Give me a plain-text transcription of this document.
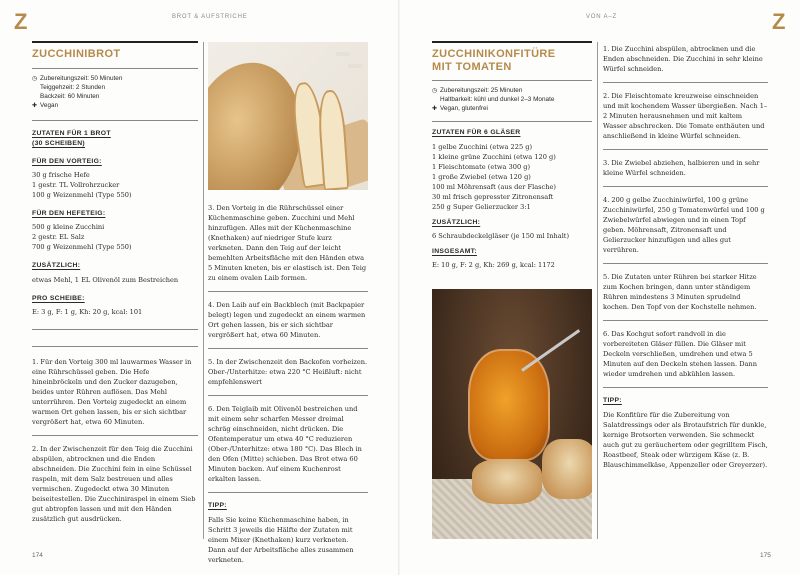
Z	BROT & AUFSTRICHE
ZUCCHINIBROT
◷ Zubereitungszeit: 50 Minuten
Teiggehzeit: 2 Stunden
Backzeit: 60 Minuten
✚ Vegan
ZUTATEN FÜR 1 BROT (30 SCHEIBEN)
FÜR DEN VORTEIG:

30 g frische Hefe

1 gestr. TL Vollrohrzucker

100 g Weizenmehl (Type 550)

FÜR DEN HEFETEIG:

500 g kleine Zucchini

2 gestr. EL Salz

700 g Weizenmehl (Type 550)

ZUSÄTZLICH:

etwas Mehl, 1 EL Olivenöl zum Bestreichen

PRO SCHEIBE:

E: 3 g, F: 1 g, Kh: 20 g, kcal: 101

1. Für den Vorteig 300 ml lauwarmes Wasser in eine Rührschüssel geben. Die Hefe hineinbröckeln und den Zucker dazugeben, beides unter Rühren auflösen. Das Mehl unterrühren. Den Vorteig zugedeckt an einem warmen Ort gehen lassen, bis er sich sichtbar vergrößert hat, etwa 60 Minuten.
2. In der Zwischenzeit für den Teig die Zucchini abspülen, abtrocknen und die Enden abschneiden. Die Zucchini fein in eine Schüssel raspeln, mit dem Salz bestreuen und alles vermischen. Zugedeckt etwa 30 Minuten beiseitestellen. Die Zucchiniraspel in einem Sieb gut abtropfen lassen und mit den Händen zusätzlich gut ausdrücken.
3. Den Vorteig in die Rührschüssel einer Küchenmaschine geben. Zucchini und Mehl hinzufügen. Alles mit der Küchenmaschine (Knethaken) auf niedriger Stufe kurz verkneten. Dann den Teig auf der leicht bemehlten Arbeitsfläche mit den Händen etwa 5 Minuten kneten, bis er elastisch ist. Den Teig zu einem ovalen Laib formen.
4. Den Laib auf ein Backblech (mit Backpapier belegt) legen und zugedeckt an einem warmen Ort gehen lassen, bis er sich sichtbar vergrößert hat, etwa 60 Minuten.
5. In der Zwischenzeit den Backofen vorheizen. Ober-/Unterhitze: etwa 220 °C Heißluft: nicht empfehlenswert
6. Den Teiglaib mit Olivenöl bestreichen und mit einem sehr scharfen Messer dreimal schräg einschneiden, nicht drücken. Die Ofentemperatur um etwa 40 °C reduzieren (Ober-/Unterhitze: etwa 180 °C). Das Blech in den Ofen (Mitte) schieben. Das Brot etwa 60 Minuten backen. Auf einem Kuchenrost erkalten lassen.
TIPP:

Falls Sie keine Küchenmaschine haben, in Schritt 3 jeweils die Hälfte der Zutaten mit einem Mixer (Knethaken) kurz verkneten. Dann auf der Arbeitsfläche alles zusammen verkneten.

174
VON A–Z	Z
ZUCCHINIKONFITÜRE
MIT TOMATEN
◷ Zubereitungszeit: 25 Minuten
Haltbarkeit: kühl und dunkel 2–3 Monate
✚ Vegan, glutenfrei
ZUTATEN FÜR 6 GLÄSER

1 gelbe Zucchini (etwa 225 g)

1 kleine grüne Zucchini (etwa 120 g)

1 Fleischtomate (etwa 300 g)

1 große Zwiebel (etwa 120 g)

100 ml Möhrensaft (aus der Flasche)

30 ml frisch gepresster Zitronensaft

250 g Super Gelierzucker 3:1

ZUSÄTZLICH:

6 Schraubdeckelgläser (je 150 ml Inhalt)

INSGESAMT:

E: 10 g, F: 2 g, Kh: 269 g, kcal: 1172

1. Die Zucchini abspülen, abtrocknen und die Enden abschneiden. Die Zucchini in sehr kleine Würfel schneiden.
2. Die Fleischtomate kreuzweise einschneiden und mit kochendem Wasser übergießen. Nach 1–2 Minuten herausnehmen und mit kaltem Wasser abschrecken. Die Tomate enthäuten und anschließend in kleine Würfel schneiden.
3. Die Zwiebel abziehen, halbieren und in sehr kleine Würfel schneiden.
4. 200 g gelbe Zucchiniwürfel, 100 g grüne Zucchiniwürfel, 250 g Tomatenwürfel und 100 g Zwiebelwürfel abwiegen und in einen Topf geben. Möhrensaft, Zitronensaft und Gelierzucker hinzufügen und alles gut verrühren.
5. Die Zutaten unter Rühren bei starker Hitze zum Kochen bringen, dann unter ständigem Rühren mindestens 3 Minuten sprudelnd kochen. Den Topf von der Kochstelle nehmen.
6. Das Kochgut sofort randvoll in die vorbereiteten Gläser füllen. Die Gläser mit Deckeln verschließen, umdrehen und etwa 5 Minuten auf den Deckeln stehen lassen. Dann wieder umdrehen und abkühlen lassen.
TIPP:

Die Konfitüre für die Zubereitung von Salatdressings oder als Brotaufstrich für dunkle, kernige Brotsorten verwenden. Sie schmeckt auch gut zu geräuchertem oder gegrilltem Fisch, Roastbeef, Steak oder würzigem Käse (z. B. Blauschimmelkäse, Appenzeller oder Greyerzer).

175
